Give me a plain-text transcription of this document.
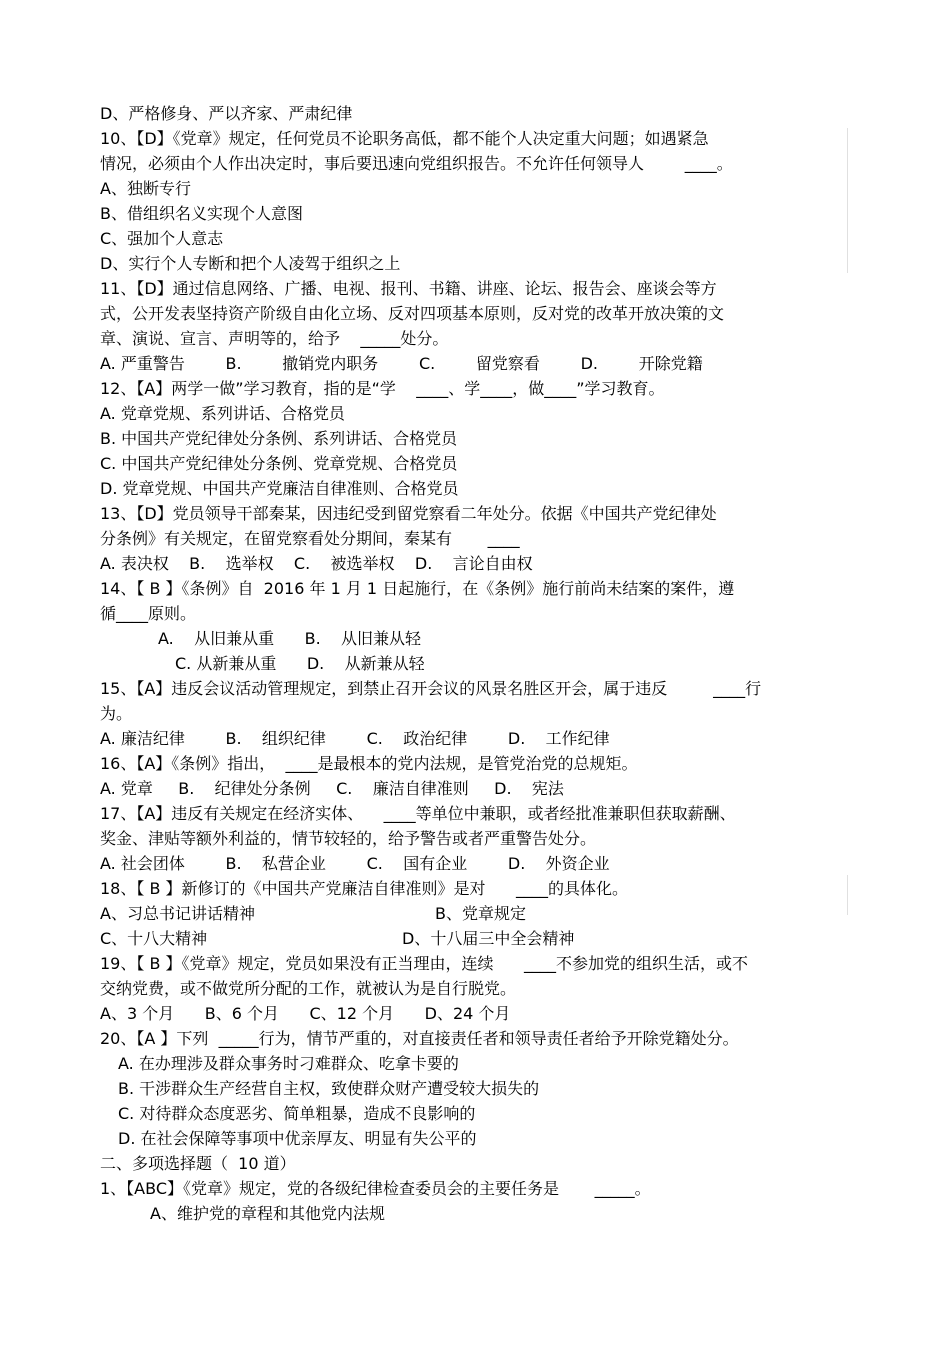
D、严格修身、严以齐家、严肃纪律
10、【D】《党章》规定，任何党员不论职务高低，都不能个人决定重大问题；如遇紧急
情况，必须由个人作出决定时，事后要迅速向党组织报告。不允许任何领导人        ____。
A、独断专行
B、借组织名义实现个人意图
C、强加个人意志
D、实行个人专断和把个人凌驾于组织之上
11、【D】通过信息网络、广播、电视、报刊、书籍、讲座、论坛、报告会、座谈会等方
式，公开发表坚持资产阶级自由化立场、反对四项基本原则，反对党的改革开放决策的文
章、演说、宣言、声明等的，给予    _____处分。
A. 严重警告        B.        撤销党内职务        C.        留党察看        D.        开除党籍
12、【A】两学一做”学习教育，指的是“学    ____、学____，做____”学习教育。
A. 党章党规、系列讲话、合格党员
B. 中国共产党纪律处分条例、系列讲话、合格党员
C. 中国共产党纪律处分条例、党章党规、合格党员
D. 党章党规、中国共产党廉洁自律准则、合格党员
13、【D】党员领导干部秦某，因违纪受到留党察看二年处分。依据《中国共产党纪律处
分条例》有关规定，在留党察看处分期间，秦某有       ____
A. 表决权    B.    选举权    C.    被选举权    D.    言论自由权
14、【 B 】《条例》自  2016 年 1 月 1 日起施行，在《条例》施行前尚未结案的案件，遵
循____原则。
A.    从旧兼从重      B.    从旧兼从轻
C. 从新兼从重      D.    从新兼从轻
15、【A】违反会议活动管理规定，到禁止召开会议的风景名胜区开会，属于违反         ____行
为。
A. 廉洁纪律        B.    组织纪律        C.    政治纪律        D.    工作纪律
16、【A】《条例》指出，  ____是最根本的党内法规，是管党治党的总规矩。
A. 党章     B.    纪律处分条例     C.    廉洁自律准则     D.    宪法
17、【A】违反有关规定在经济实体、    ____等单位中兼职，或者经批准兼职但获取薪酬、
奖金、津贴等额外利益的，情节较轻的，给予警告或者严重警告处分。
A. 社会团体        B.    私营企业        C.    国有企业        D.    外资企业
18、【 B 】新修订的《中国共产党廉洁自律准则》是对      ____的具体化。
A、习总书记讲话精神	B、党章规定
C、十八大精神	D、十八届三中全会精神
19、【 B 】《党章》规定，党员如果没有正当理由，连续      ____不参加党的组织生活，或不
交纳党费，或不做党所分配的工作，就被认为是自行脱党。
A、3 个月      B、6 个月      C、12 个月      D、24 个月
20、【A 】下列  _____行为，情节严重的，对直接责任者和领导责任者给予开除党籍处分。
A. 在办理涉及群众事务时刁难群众、吃拿卡要的
B. 干涉群众生产经营自主权，致使群众财产遭受较大损失的
C. 对待群众态度恶劣、简单粗暴，造成不良影响的
D. 在社会保障等事项中优亲厚友、明显有失公平的
二、多项选择题（  10 道）
1、【ABC】《党章》规定，党的各级纪律检查委员会的主要任务是       _____。
A、维护党的章程和其他党内法规
